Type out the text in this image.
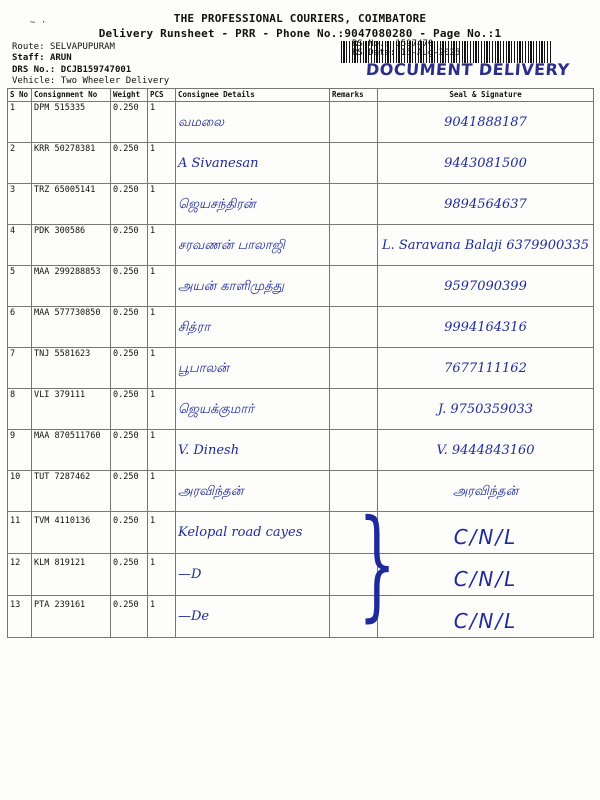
~ ·	THE PROFESSIONAL COURIERS, COIMBATORE
Delivery Runsheet - PRR - Phone No.:9047080280 - Page No.:1
Route: SELVAPUPURAM
Staff: ARUN
DRS No.: DCJB159747001
Vehicle: Two Wheeler Delivery
RS No.: 1597470
RS Date: 15-Aug-2025
DOCUMENT DELIVERY
S No	Consignment No	Weight	PCS	Consignee Details	Remarks	Seal & Signature
1	DPM 515335	0.250	1	வமலை		9041888187

2	KRR 50278381	0.250	1	A Sivanesan		9443081500

3	TRZ 65005141	0.250	1	ஜெயசந்திரன்		9894564637

4	PDK 300586	0.250	1	சரவணன் பாலாஜி		L. Saravana Balaji 6379900335

5	MAA 299288853	0.250	1	அயன் காளிமுத்து		9597090399

6	MAA 577730850	0.250	1	சித்ரா		9994164316

7	TNJ 5581623	0.250	1	பூபாலன்		7677111162

8	VLI 379111	0.250	1	ஜெயக்குமார்		J. 9750359033

9	MAA 870511760	0.250	1	V. Dinesh		V. 9444843160

10	TUT 7287462	0.250	1	அரவிந்தன்		அரவிந்தன்

11	TVM 4110136	0.250	1	Kelopal road cayes		C/N/L

12	KLM 819121	0.250	1	—D		C/N/L

13	PTA 239161	0.250	1	—De		C/N/L
}
